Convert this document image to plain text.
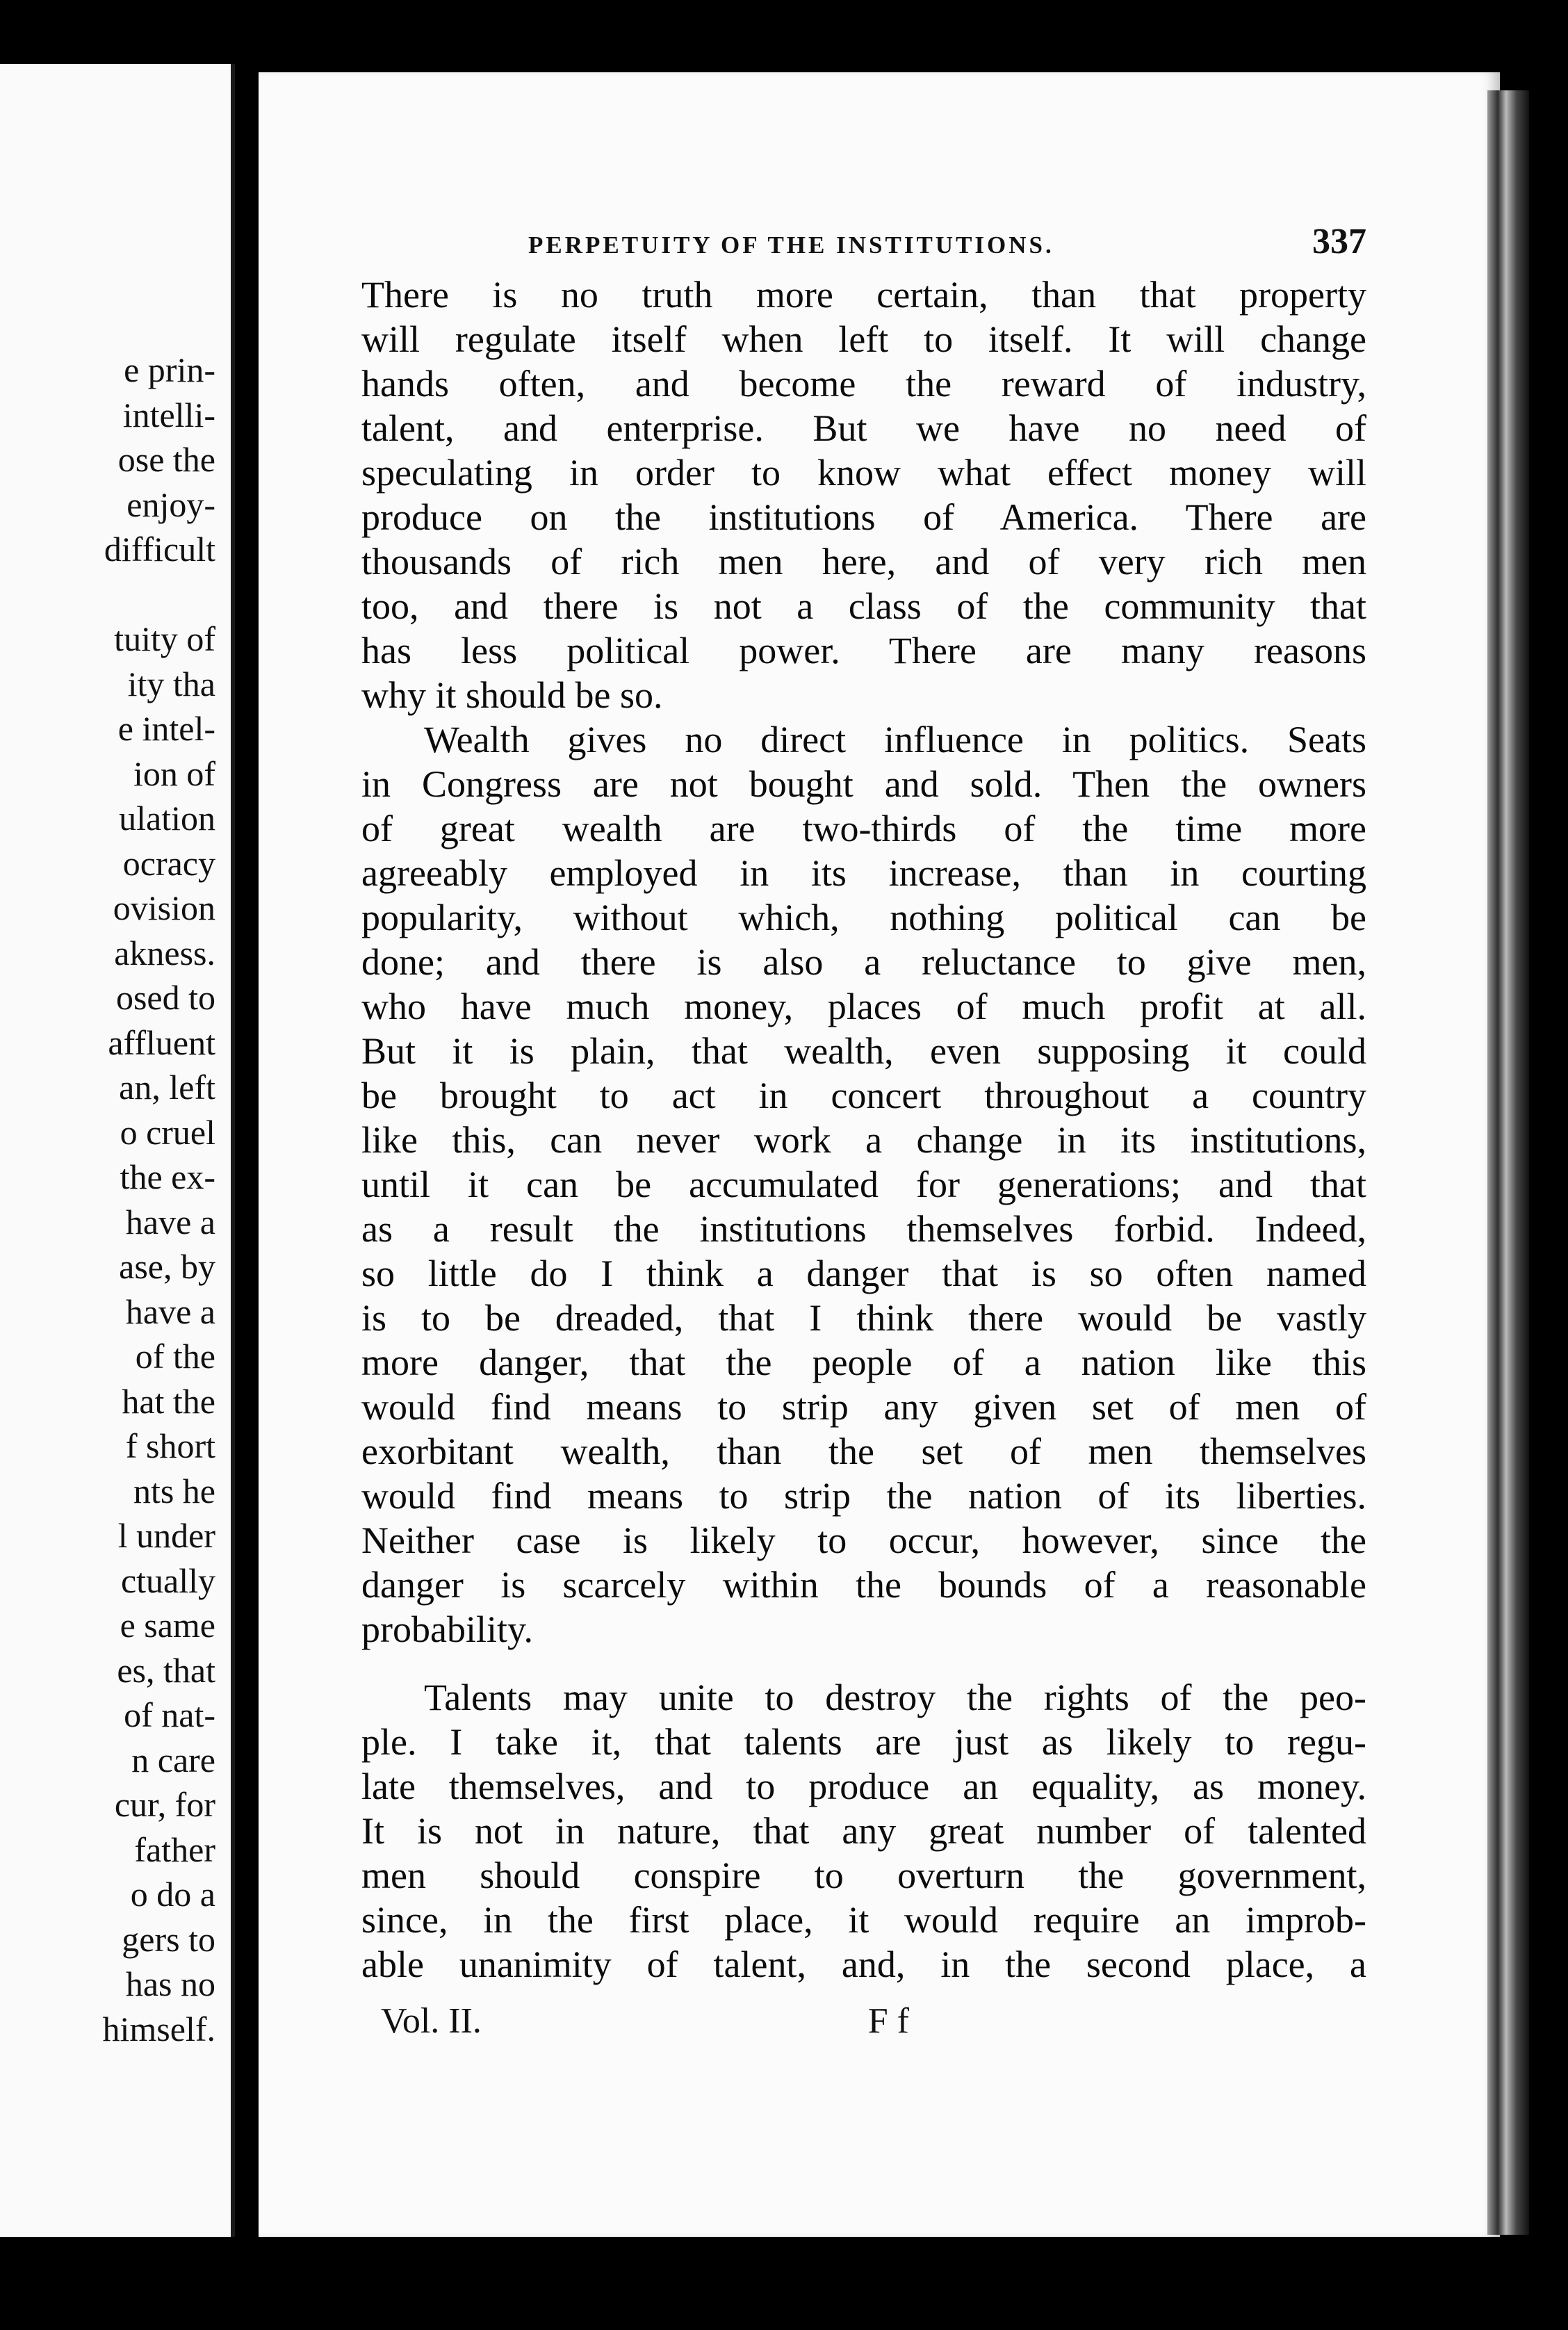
e prin-
intelli-
ose the
enjoy-
difficult

tuity of
ity tha
e intel-
ion of
ulation
ocracy
ovision
akness.
osed to
affluent
an, left
o cruel
the ex-
have a
ase, by
have a
of the
hat the
f short
nts he
l under
ctually
e same
es, that
of nat-
n care
cur, for
father
o do a
gers to
has no
himself.
PERPETUITY OF THE INSTITUTIONS.	337
There is no truth more certain, than that property
will regulate itself when left to itself. It will change
hands often, and become the reward of industry,
talent, and enterprise. But we have no need of
speculating in order to know what effect money will
produce on the institutions of America. There are
thousands of rich men here, and of very rich men
too, and there is not a class of the community that
has less political power. There are many reasons
why it should be so.
Wealth gives no direct influence in politics. Seats
in Congress are not bought and sold. Then the owners
of great wealth are two-thirds of the time more
agreeably employed in its increase, than in courting
popularity, without which, nothing political can be
done; and there is also a reluctance to give men,
who have much money, places of much profit at all.
But it is plain, that wealth, even supposing it could
be brought to act in concert throughout a country
like this, can never work a change in its institutions,
until it can be accumulated for generations; and that
as a result the institutions themselves forbid. Indeed,
so little do I think a danger that is so often named
is to be dreaded, that I think there would be vastly
more danger, that the people of a nation like this
would find means to strip any given set of men of
exorbitant wealth, than the set of men themselves
would find means to strip the nation of its liberties.
Neither case is likely to occur, however, since the
danger is scarcely within the bounds of a reasonable
probability.
Talents may unite to destroy the rights of the peo-
ple. I take it, that talents are just as likely to regu-
late themselves, and to produce an equality, as money.
It is not in nature, that any great number of talented
men should conspire to overturn the government,
since, in the first place, it would require an improb-
able unanimity of talent, and, in the second place, a
Vol. II.	F f
